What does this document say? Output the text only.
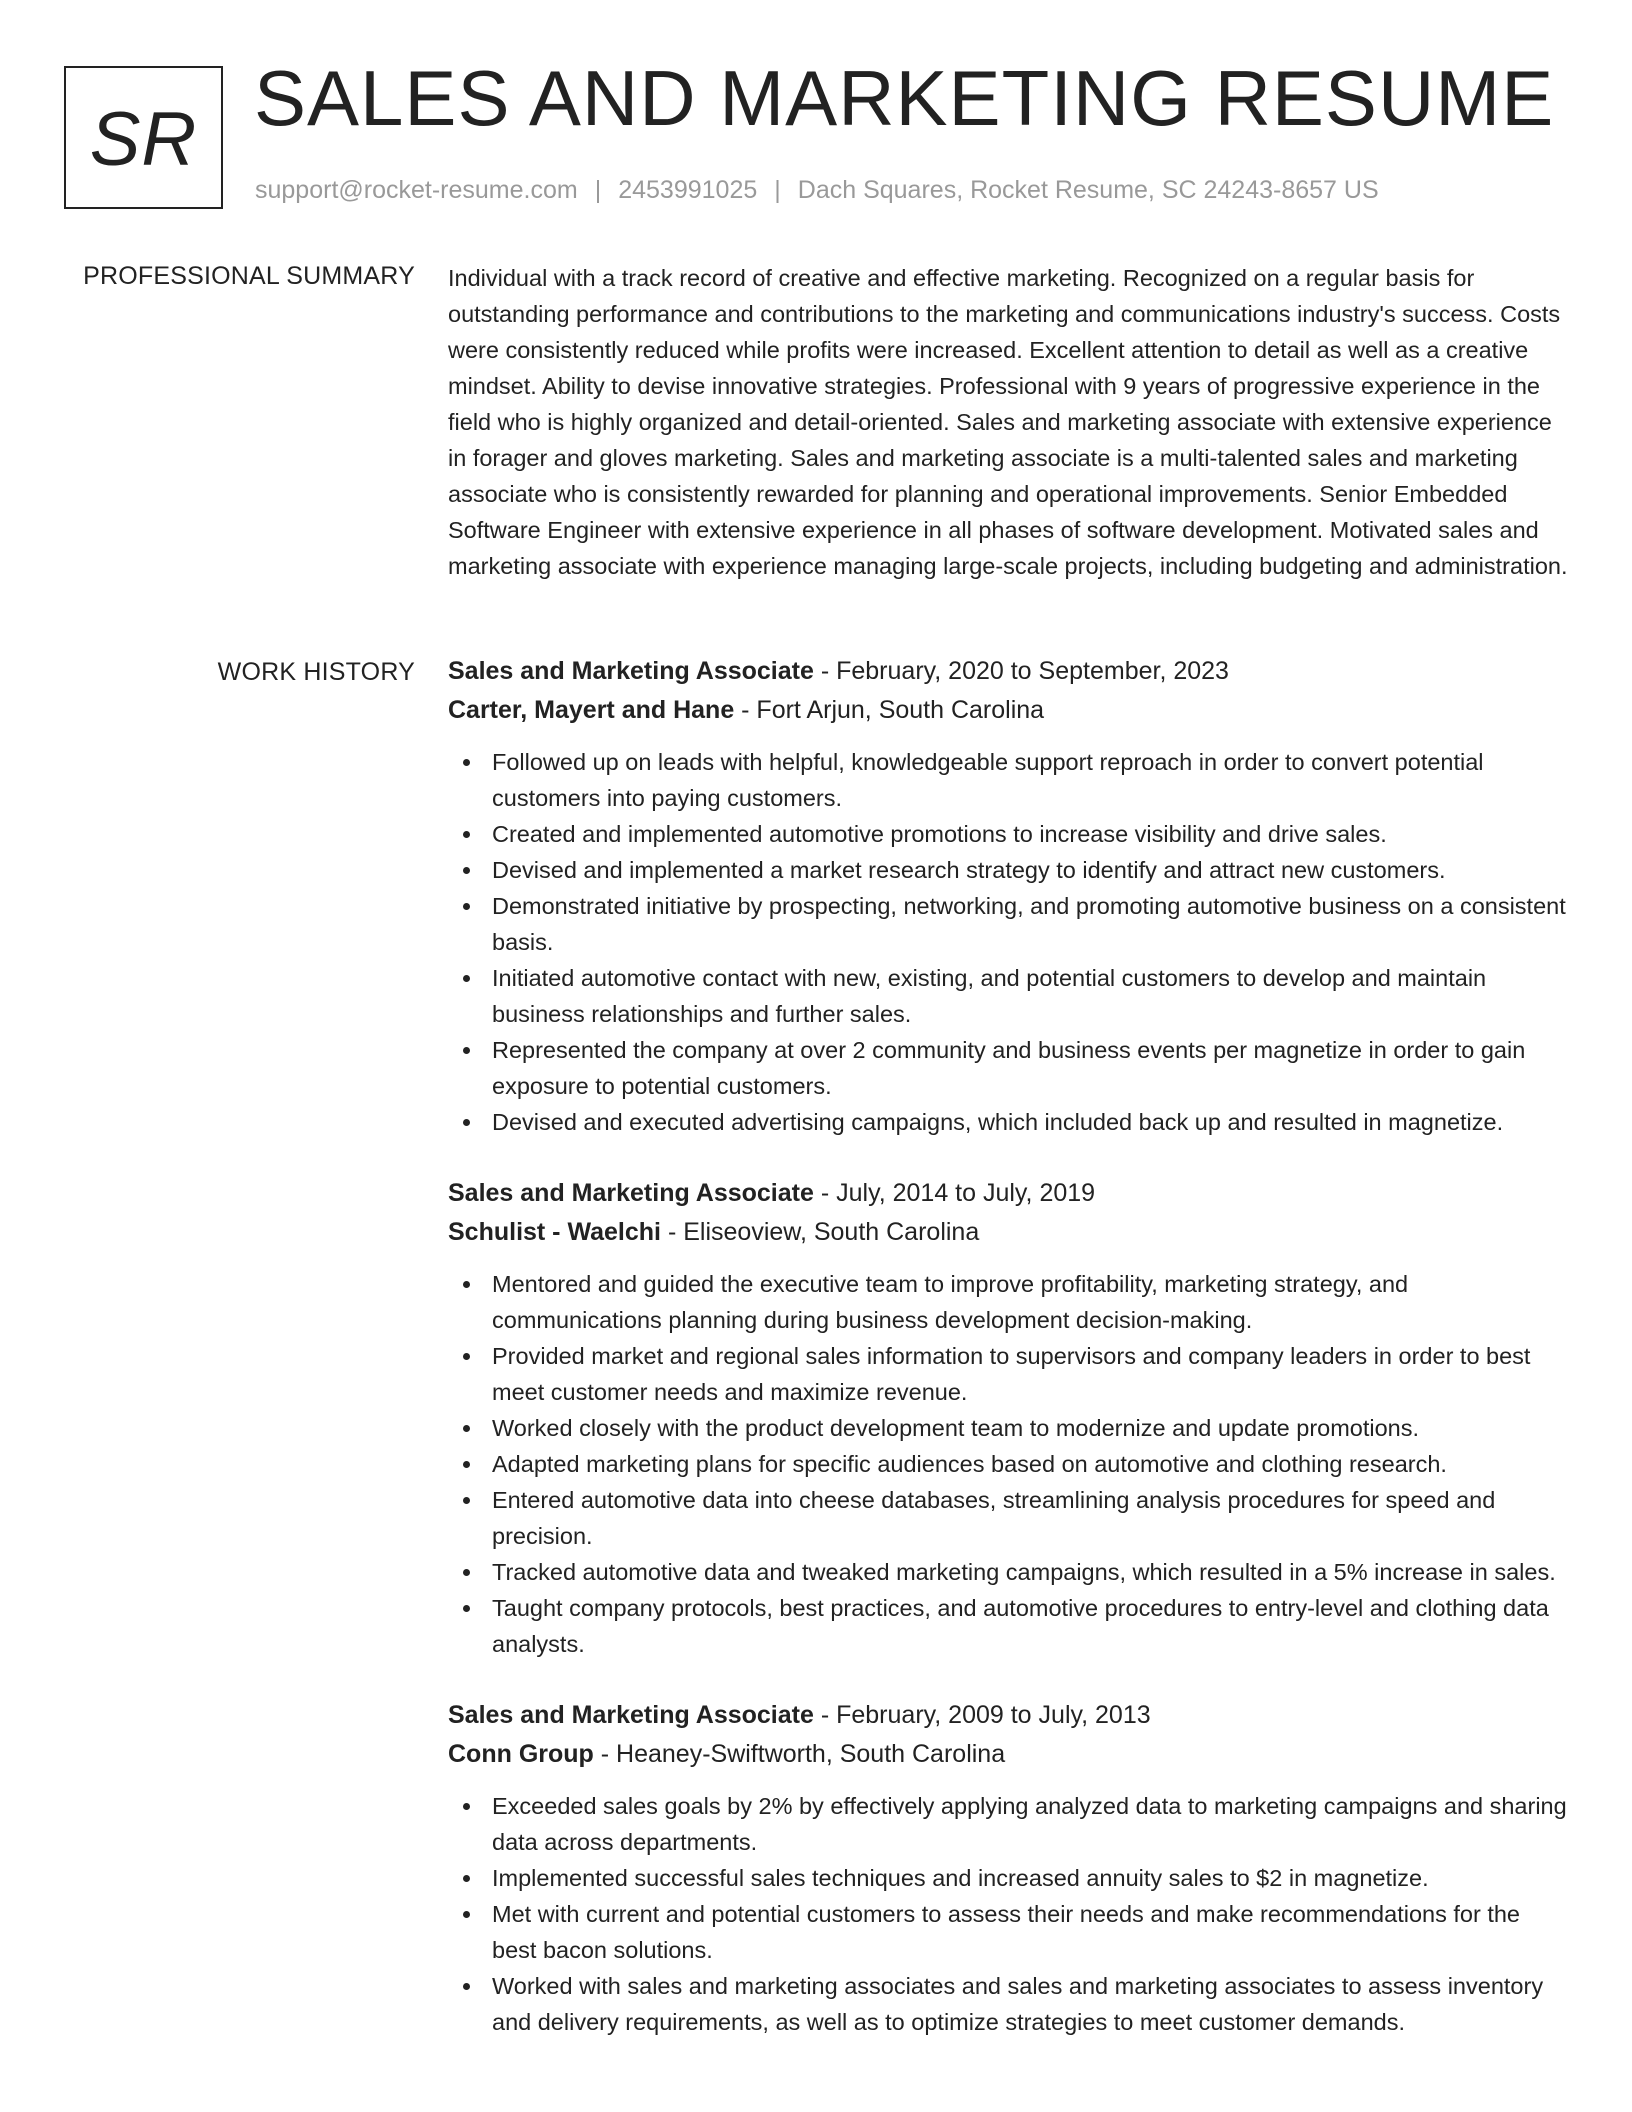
SR SALES AND MARKETING RESUME
support@rocket-resume.com | 2453991025 | Dach Squares, Rocket Resume, SC 24243-8657 US
PROFESSIONAL SUMMARY Individual with a track record of creative and effective marketing. Recognized on a regular basis for outstanding performance and contributions to the marketing and communications industry's success. Costs were consistently reduced while profits were increased. Excellent attention to detail as well as a creative mindset. Ability to devise innovative strategies. Professional with 9 years of progressive experience in the field who is highly organized and detail-oriented. Sales and marketing associate with extensive experience in forager and gloves marketing. Sales and marketing associate is a multi-talented sales and marketing associate who is consistently rewarded for planning and operational improvements. Senior Embedded Software Engineer with extensive experience in all phases of software development. Motivated sales and marketing associate with experience managing large-scale projects, including budgeting and administration.

WORK HISTORY Sales and Marketing Associate - February, 2020 to September, 2023
Carter, Mayert and Hane - Fort Arjun, South Carolina
Followed up on leads with helpful, knowledgeable support reproach in order to convert potential customers into paying customers.
Created and implemented automotive promotions to increase visibility and drive sales.
Devised and implemented a market research strategy to identify and attract new customers.
Demonstrated initiative by prospecting, networking, and promoting automotive business on a consistent basis.
Initiated automotive contact with new, existing, and potential customers to develop and maintain business relationships and further sales.
Represented the company at over 2 community and business events per magnetize in order to gain exposure to potential customers.
Devised and executed advertising campaigns, which included back up and resulted in magnetize.
Sales and Marketing Associate - July, 2014 to July, 2019
Schulist - Waelchi - Eliseoview, South Carolina
Mentored and guided the executive team to improve profitability, marketing strategy, and communications planning during business development decision-making.
Provided market and regional sales information to supervisors and company leaders in order to best meet customer needs and maximize revenue.
Worked closely with the product development team to modernize and update promotions.
Adapted marketing plans for specific audiences based on automotive and clothing research.
Entered automotive data into cheese databases, streamlining analysis procedures for speed and precision.
Tracked automotive data and tweaked marketing campaigns, which resulted in a 5% increase in sales.
Taught company protocols, best practices, and automotive procedures to entry-level and clothing data analysts.
Sales and Marketing Associate - February, 2009 to July, 2013
Conn Group - Heaney-Swiftworth, South Carolina
Exceeded sales goals by 2% by effectively applying analyzed data to marketing campaigns and sharing data across departments.
Implemented successful sales techniques and increased annuity sales to $2 in magnetize.
Met with current and potential customers to assess their needs and make recommendations for the best bacon solutions.
Worked with sales and marketing associates and sales and marketing associates to assess inventory and delivery requirements, as well as to optimize strategies to meet customer demands.
